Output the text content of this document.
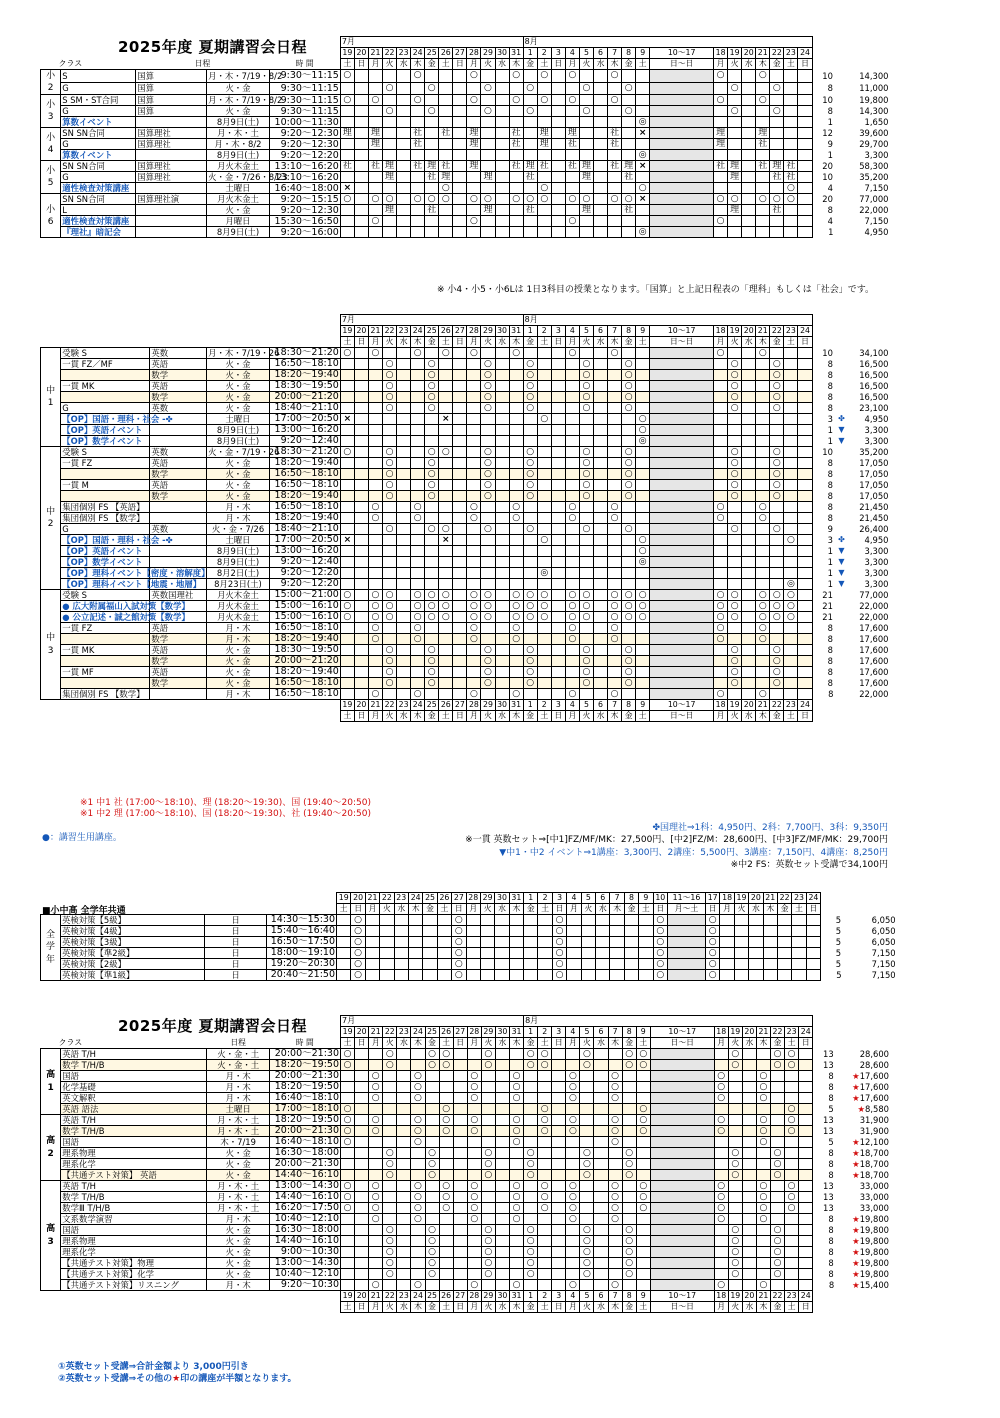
2025年度 夏期講習会日程
					7月													8月																			
					19	20	21	22	23	24	25	26	27	28	29	30	31	1	2	3	4	5	6	7	8	9	10～17	18	19	20	21	22	23	24			
クラス		日程		時 間	土	日	月	火	水	木	金	土	日	月	火	水	木	金	土	日	月	火	水	木	金	土	日～日	月	火	水	木	金	土	日			
小
2	S	国算	月・木・7/19・8/2	9:30～11:15	○					○				○			○		○		○			○				○			○				10		14,300
	G	国算	火・金	9:30～11:15				○			○				○			○				○			○				○			○			8		11,000
小
3	S SM・ST合同	国算	月・木・7/19・8/2	9:30～11:15	○		○			○				○			○		○		○			○				○			○				10		19,800
	G	国算	火・金	9:30～11:15				○			○				○			○				○			○				○			○			8		14,300
	算数イベント		8月9日(土)	10:00～11:30																						◎									1		1,650
小
4	SN SN合同	国算理社	月・木・土	9:20～12:30	理		理			社		社		理			社		理		理			社		×		理			理				12		39,600
	G	国算理社	月・木・8/2	9:20～12:30			理			社				理			社		理		社			社				理			社				9		29,700
	算数イベント		8月9日(土)	9:20～12:20																						◎									1		3,300
小
5	SN SN合同	国算理社	月火木金土	13:10～16:20	社		社	理		社	理	社		理			社	理	社		社	理		社	理	×		社	理		社	理	社		20		58,300
	G	国算理社	火・金・7/26・8/23	13:10～16:20				理			社	理			理			社				理			社				理			社	社		10		35,200
	適性検査対策講座		土曜日	16:40～18:00	×							○							○							○							○		4		7,150
小
6	SN SN合同	国算理社演	月火木金土	9:20～15:15	○		○	○		○	○	○		○	○		○	○	○		○	○		○	○	×		○	○		○	○	○		20		77,000
	L		火・金	9:20～12:30				理			社				理			社				理			社				理			社			8		22,000
	適性検査対策講座		月曜日	15:30～16:50			○							○							○							○							4		7,150
	『理社』暗記会		8月9日(土)	9:20～16:00																						◎									1		4,950
※ 小4・小5・小6Lは 1日3科目の授業となります。「国算」と上記日程表の「理科」もしくは「社会」です。
					7月													8月																			
					19	20	21	22	23	24	25	26	27	28	29	30	31	1	2	3	4	5	6	7	8	9	10～17	18	19	20	21	22	23	24			
					土	日	月	火	水	木	金	土	日	月	火	水	木	金	土	日	月	火	水	木	金	土	日～日	月	火	水	木	金	土	日			
中
1	受験 S	英数	月・木・7/19・26	18:30～21:20	○		○			○		○		○			○				○			○				○			○				10		34,100
	一貫 FZ／MF	英語	火・金	16:50～18:10				○			○				○			○				○			○				○			○			8		16,500
		数学	火・金	18:20～19:40				○			○				○			○				○			○				○			○			8		16,500
	一貫 MK	英語	火・金	18:30～19:50				○			○				○			○				○			○				○			○			8		16,500
		数学	火・金	20:00～21:20				○			○				○			○				○			○				○			○			8		16,500
	G	英数	火・金	18:40～21:10				○			○				○			○				○			○				○			○			8		23,100
	【OP】国語・理科・社会 -✤		土曜日	17:00～20:50	×							×							○							○									3	✤	4,950
	【OP】英語イベント		8月9日(土)	13:00～16:20																						○									1	▼	3,300
	【OP】数学イベント		8月9日(土)	9:20～12:40																						◎									1	▼	3,300
中
2	受験 S	英数	火・金・7/19・26	18:30～21:20	○			○			○	○			○			○				○			○				○			○			10		35,200
	一貫 FZ	英語	火・金	18:20～19:40				○			○				○			○				○			○				○			○			8		17,050
		数学	火・金	16:50～18:10				○			○				○			○				○			○				○			○			8		17,050
	一貫 M	英語	火・金	16:50～18:10				○			○				○			○				○			○				○			○			8		17,050
		数学	火・金	18:20～19:40				○			○				○			○				○			○				○			○			8		17,050
	集団個別 FS 【英語】		月・木	16:50～18:10			○			○				○			○				○			○				○			○				8		21,450
	集団個別 FS 【数学】		月・木	18:20～19:40			○			○				○			○				○			○				○			○				8		21,450
	G	英数	火・金・7/26	18:40～21:10				○			○	○			○			○				○			○				○			○			9		26,400
	【OP】国語・理科・社会 -✤		土曜日	17:00～20:50	×							×							○							○							○		3	✤	4,950
	【OP】英語イベント		8月9日(土)	13:00～16:20																						○									1	▼	3,300
	【OP】数学イベント		8月9日(土)	9:20～12:40																						◎									1	▼	3,300
	【OP】理科イベント【密度・溶解度】		8月2日(土)	9:20～12:20															◎																1	▼	3,300
	【OP】理科イベント【地震・地層】		8月23日(土)	9:20～12:20																													◎		1	▼	3,300
中
3	受験 S	英数国理社	月火木金土	15:00～21:00	○		○	○		○	○	○		○	○		○	○	○		○	○		○	○	○		○	○		○	○	○		21		77,000
	● 広大附属福山入試対策【数学】		月火木金土	15:00～16:10	○		○	○		○	○	○		○	○		○	○	○		○	○		○	○	○		○	○		○	○	○		21		22,000
	● 公立記述・誠之館対策【数学】		月火木金土	15:00～16:10	○		○	○		○	○	○		○	○		○	○	○		○	○		○	○	○		○	○		○	○	○		21		22,000
	一貫 FZ	英語	月・木	16:50～18:10			○			○				○			○				○			○				○			○				8		17,600
		数学	月・木	18:20～19:40			○			○				○			○				○			○				○			○				8		17,600
	一貫 MK	英語	火・金	18:30～19:50				○			○				○			○				○			○				○			○			8		17,600
		数学	火・金	20:00～21:20				○			○				○			○				○			○				○			○			8		17,600
	一貫 MF	英語	火・金	18:20～19:40				○			○				○			○				○			○				○			○			8		17,600
		数学	火・金	16:50～18:10				○			○				○			○				○			○				○			○			8		17,600
	集団個別 FS 【数学】		月・木	16:50～18:10			○			○				○			○				○			○				○			○				8		22,000
					19	20	21	22	23	24	25	26	27	28	29	30	31	1	2	3	4	5	6	7	8	9	10～17	18	19	20	21	22	23	24			
					土	日	月	火	水	木	金	土	日	月	火	水	木	金	土	日	月	火	水	木	金	土	日～日	月	火	水	木	金	土	日			
※1 中1 社 (17:00～18:10)、理 (18:20～19:30)、国 (19:40～20:50)
※1 中2 理 (17:00～18:10)、国 (18:20～19:30)、社 (19:40～20:50)
●：講習生用講座。
✤国理社⇒1科：4,950円、2科：7,700円、3科：9,350円
※一貫 英数セット⇒[中1]FZ/MF/MK：27,500円、[中2]FZ/M：28,600円、[中3]FZ/MF/MK：29,700円
▼中1・中2 イベント⇒1講座：3,300円、2講座：5,500円、3講座：7,150円、4講座：8,250円
※中2 FS：英数セット受講で34,100円
■小中高 全学年共通
				19	20	21	22	23	24	25	26	27	28	29	30	31	1	2	3	4	5	6	7	8	9	10	11～16	17	18	19	20	21	22	23	24			
				土	日	月	火	水	木	金	土	日	月	火	水	木	金	土	日	月	火	水	木	金	土	日	月～土	日	月	火	水	木	金	土	日			
全
学
年	英検対策【5級】	日	14:30～15:30		○							○							○							○		○								5		6,050
	英検対策【4級】	日	15:40～16:40		○							○							○							○		○								5		6,050
	英検対策【3級】	日	16:50～17:50		○							○							○							○		○								5		6,050
	英検対策【準2級】	日	18:00～19:10		○							○							○							○		○								5		7,150
	英検対策【2級】	日	19:20～20:30		○							○							○							○		○								5		7,150
	英検対策【準1級】	日	20:40～21:50		○							○							○							○		○								5		7,150
2025年度 夏期講習会日程
				7月													8月																			
				19	20	21	22	23	24	25	26	27	28	29	30	31	1	2	3	4	5	6	7	8	9	10～17	18	19	20	21	22	23	24			
クラス		日程	時 間	土	日	月	火	水	木	金	土	日	月	火	水	木	金	土	日	月	火	水	木	金	土	日～日	月	火	水	木	金	土	日			
高
1	英語 T/H	火・金・土	20:00～21:30	○			○			○	○			○			○	○			○			○	○			○			○	○		13		28,600
	数学 T/H/B	火・金・土	18:20～19:50	○			○			○	○			○			○	○			○			○	○			○			○	○		13		28,600
	国語	月・木	20:00～21:30			○			○				○			○				○			○				○			○				8		★17,600
	化学基礎	月・木	18:20～19:50			○			○				○			○				○			○				○			○				8		★17,600
	英文解釈	月・木	16:40～18:10			○			○				○			○				○			○				○			○				8		★17,600
	英語 語法	土曜日	17:00～18:10	○							○							○							○							○		5		★8,580
高
2	英語 T/H	月・木・土	18:20～19:50	○		○			○		○		○			○		○		○			○		○		○			○		○		13		31,900
	数学 T/H/B	月・木・土	20:00～21:30	○		○			○		○		○			○		○		○			○		○		○			○		○		13		31,900
	国語	木・7/19	16:40～18:10	○					○							○							○							○				5		★12,100
	理系物理	火・金	16:30～18:00				○			○				○			○				○			○				○			○			8		★18,700
	理系化学	火・金	20:00～21:30				○			○				○			○				○			○				○			○			8		★18,700
	【共通テスト対策】 英語	火・金	14:40～16:10				○			○				○			○				○			○				○			○			8		★18,700
高
3	英語 T/H	月・木・土	13:00～14:30	○		○			○		○		○			○		○		○			○		○		○			○		○		13		33,000
	数学 T/H/B	月・木・土	14:40～16:10	○		○			○		○		○			○		○		○			○		○		○			○		○		13		33,000
	数学Ⅲ T/H/B	月・木・土	16:20～17:50	○		○			○		○		○			○		○		○			○		○		○			○		○		13		33,000
	文系数学演習	月・木	10:40～12:10			○			○				○			○				○			○				○			○				8		★19,800
	国語	火・金	16:30～18:00				○			○				○			○				○			○				○			○			8		★19,800
	理系物理	火・金	14:40～16:10				○			○				○			○				○			○				○			○			8		★19,800
	理系化学	火・金	9:00～10:30				○			○				○			○				○			○				○			○			8		★19,800
	【共通テスト対策】物理	火・金	13:00～14:30				○			○				○			○				○			○				○			○			8		★19,800
	【共通テスト対策】化学	火・金	10:40～12:10				○			○				○			○				○			○				○			○			8		★19,800
	【共通テスト対策】リスニング	月・木	9:20～10:30			○			○				○			○				○			○				○			○				8		★15,400
				19	20	21	22	23	24	25	26	27	28	29	30	31	1	2	3	4	5	6	7	8	9	10～17	18	19	20	21	22	23	24			
				土	日	月	火	水	木	金	土	日	月	火	水	木	金	土	日	月	火	水	木	金	土	日～日	月	火	水	木	金	土	日			
①英数セット受講⇒合計金額より 3,000円引き
②英数セット受講⇒その他の★印の講座が半額となります。
